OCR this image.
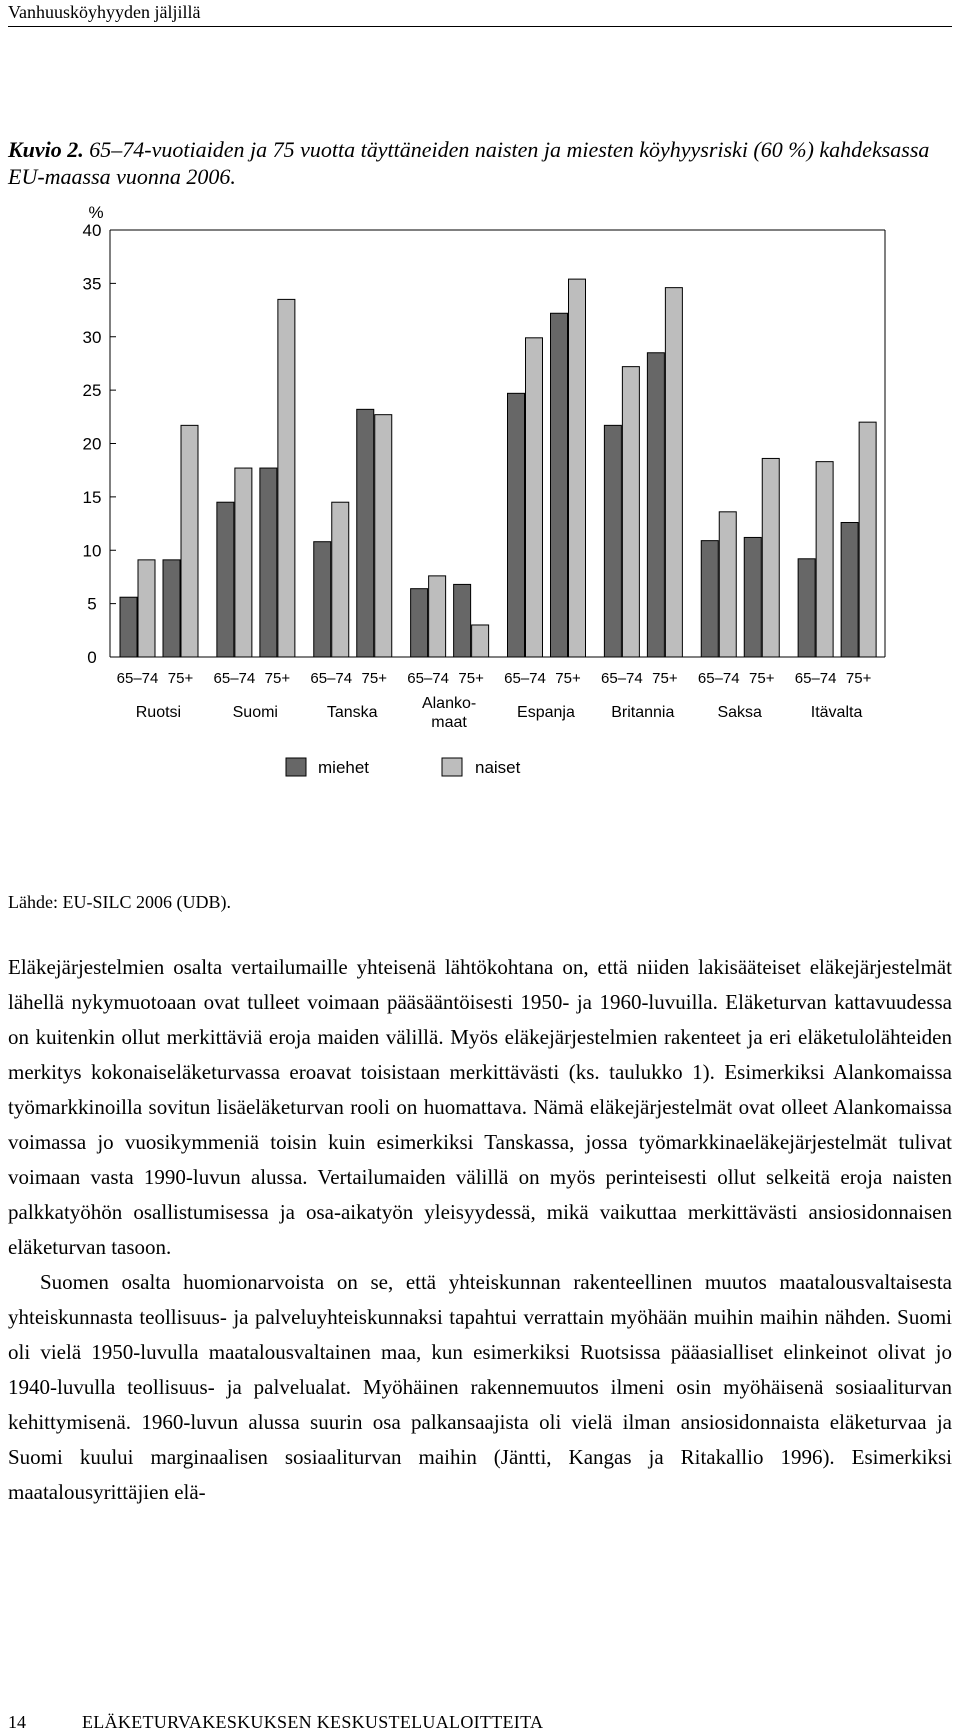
Vanhuusköyhyyden jäljillä

Kuvio 2. 65–74-vuotiaiden ja 75 vuotta täyttäneiden naisten ja miesten köyhyysriski (60 %) kahdeksassa EU-maassa vuonna 2006.

%
0
5
10
15
20
25
30
35
40
65–74 75+
Ruotsi
65–74 75+
Suomi
65–74 75+
Tanska
65–74 75+
Alanko-
maat
65–74 75+
Espanja
65–74 75+
Britannia
65–74 75+
Saksa
65–74 75+
Itävalta
miehet	naiset
Lähde: EU-SILC 2006 (UDB).

Eläkejärjestelmien osalta vertailumaille yhteisenä lähtökohtana on, että niiden lakisääteiset eläkejärjestelmät lähellä nykymuotoaan ovat tulleet voimaan pääsääntöisesti 1950- ja 1960-luvuilla. Eläketurvan kattavuudessa on kuitenkin ollut merkittäviä eroja maiden välillä. Myös eläkejärjestelmien rakenteet ja eri eläketulolähteiden merkitys kokonaiseläketurvassa eroavat toisistaan merkittävästi (ks. taulukko 1). Esimerkiksi Alankomaissa työmarkkinoilla sovitun lisäeläketurvan rooli on huomattava. Nämä eläkejärjestelmät ovat olleet Alankomaissa voimassa jo vuosikymmeniä toisin kuin esimerkiksi Tanskassa, jossa työmarkkinaeläkejärjestelmät tulivat voimaan vasta 1990-luvun alussa. Vertailumaiden välillä on myös perinteisesti ollut selkeitä eroja naisten palkkatyöhön osallistumisessa ja osa-aikatyön yleisyydessä, mikä vaikuttaa merkittävästi ansiosidonnaisen eläketurvan tasoon.

Suomen osalta huomionarvoista on se, että yhteiskunnan rakenteellinen muutos maatalousvaltaisesta yhteiskunnasta teollisuus- ja palveluyhteiskunnaksi tapahtui verrattain myöhään muihin maihin nähden. Suomi oli vielä 1950-luvulla maatalousvaltainen maa, kun esimerkiksi Ruotsissa pääasialliset elinkeinot olivat jo 1940-luvulla teollisuus- ja palvelualat. Myöhäinen rakennemuutos ilmeni osin myöhäisenä sosiaaliturvan kehittymisenä. 1960-luvun alussa suurin osa palkansaajista oli vielä ilman ansiosidonnaista eläketurvaa ja Suomi kuului marginaalisen sosiaaliturvan maihin (Jäntti, Kangas ja Ritakallio 1996). Esimerkiksi maatalousyrittäjien elä-

14	ELÄKETURVAKESKUKSEN KESKUSTELUALOITTEITA
